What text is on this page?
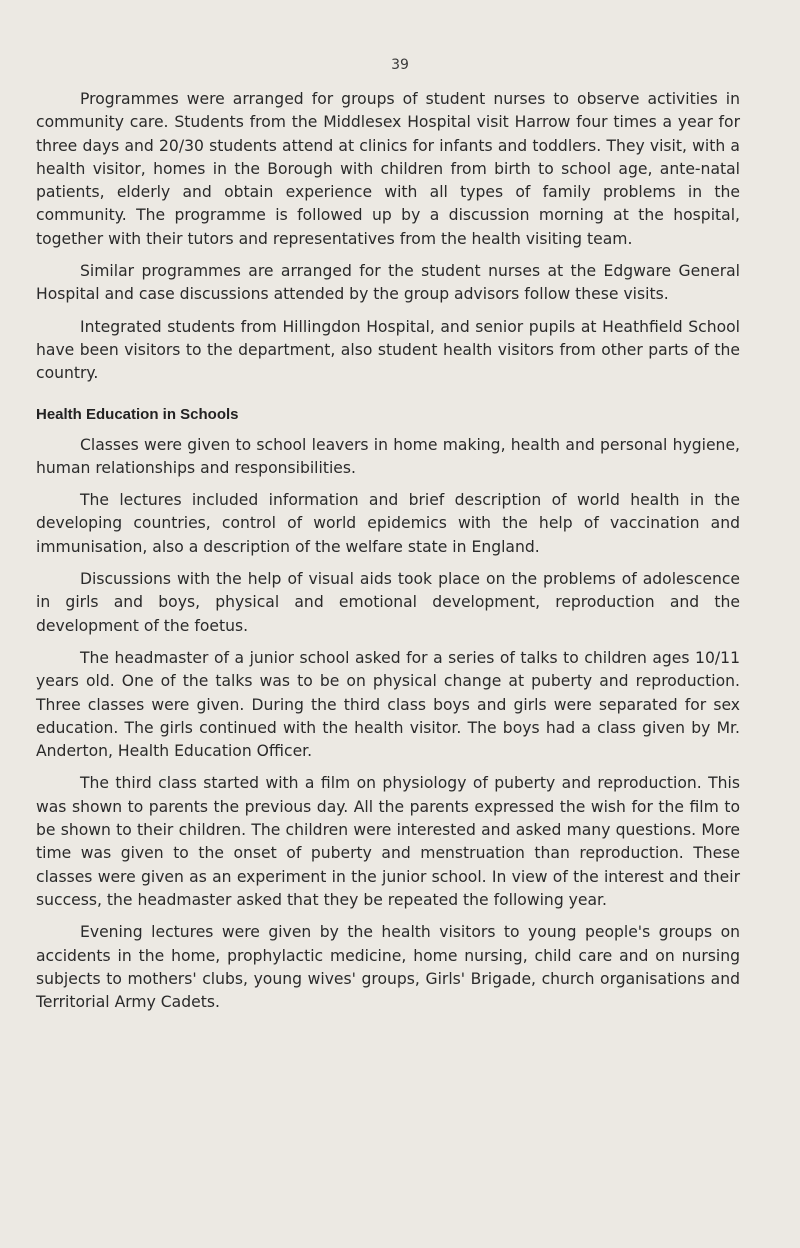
39

Programmes were arranged for groups of student nurses to observe activities in community care. Students from the Middlesex Hospital visit Harrow four times a year for three days and 20/30 students attend at clinics for infants and toddlers. They visit, with a health visitor, homes in the Borough with children from birth to school age, ante-natal patients, elderly and obtain experience with all types of family problems in the community. The programme is followed up by a discussion morning at the hospital, together with their tutors and representatives from the health visiting team.

Similar programmes are arranged for the student nurses at the Edgware General Hospital and case discussions attended by the group advisors follow these visits.

Integrated students from Hillingdon Hospital, and senior pupils at Heathfield School have been visitors to the department, also student health visitors from other parts of the country.

Health Education in Schools

Classes were given to school leavers in home making, health and personal hygiene, human relationships and responsibilities.

The lectures included information and brief description of world health in the developing countries, control of world epidemics with the help of vaccination and immunisation, also a description of the welfare state in England.

Discussions with the help of visual aids took place on the problems of adolescence in girls and boys, physical and emotional development, reproduction and the development of the foetus.

The headmaster of a junior school asked for a series of talks to children ages 10/11 years old. One of the talks was to be on physical change at puberty and reproduction. Three classes were given. During the third class boys and girls were separated for sex education. The girls continued with the health visitor. The boys had a class given by Mr. Anderton, Health Education Officer.

The third class started with a film on physiology of puberty and reproduction. This was shown to parents the previous day. All the parents expressed the wish for the film to be shown to their children. The children were interested and asked many questions. More time was given to the onset of puberty and menstruation than reproduction. These classes were given as an experiment in the junior school. In view of the interest and their success, the headmaster asked that they be repeated the following year.

Evening lectures were given by the health visitors to young people's groups on accidents in the home, prophylactic medicine, home nursing, child care and on nursing subjects to mothers' clubs, young wives' groups, Girls' Brigade, church organisations and Territorial Army Cadets.
